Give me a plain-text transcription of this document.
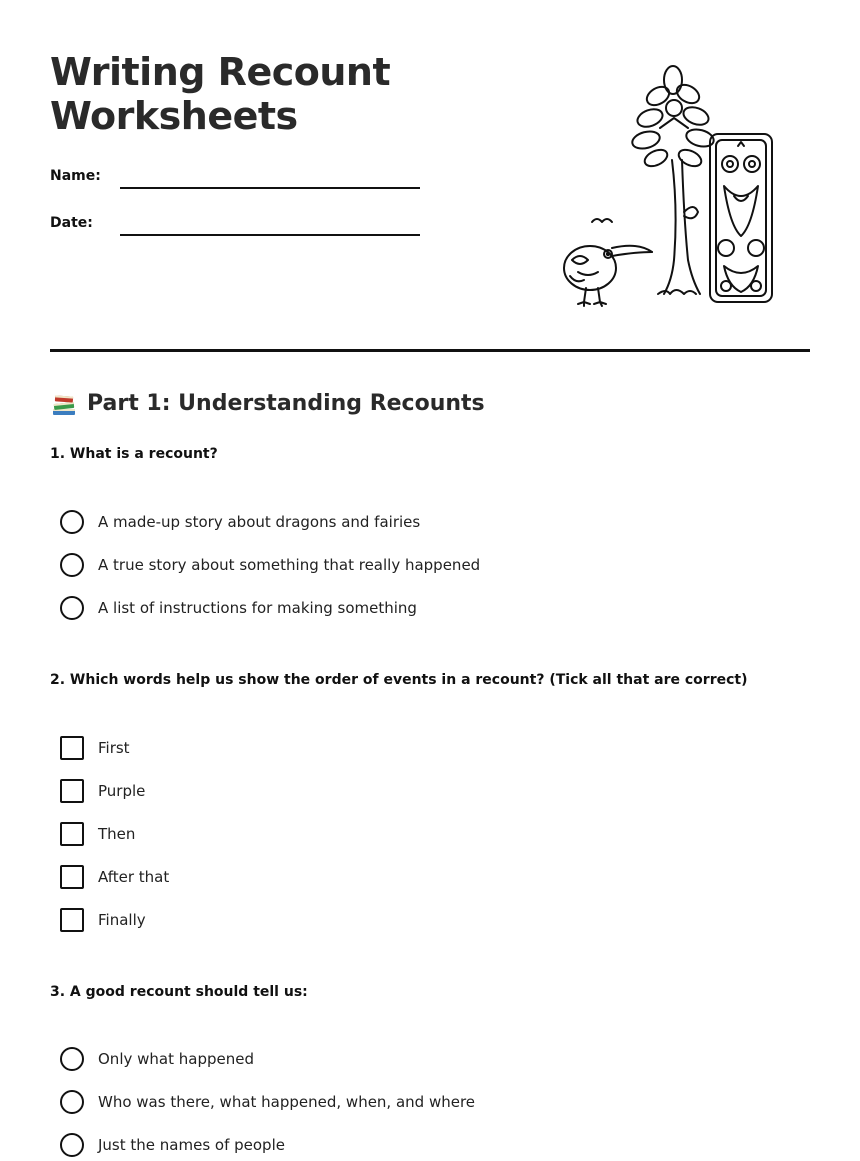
Writing Recount
Worksheets
Name:
Date:
Part 1: Understanding Recounts

1. What is a recount?

A made-up story about dragons and fairies
A true story about something that really happened
A list of instructions for making something

2. Which words help us show the order of events in a recount? (Tick all that are correct)

First
Purple
Then
After that
Finally

3. A good recount should tell us:

Only what happened
Who was there, what happened, when, and where
Just the names of people
